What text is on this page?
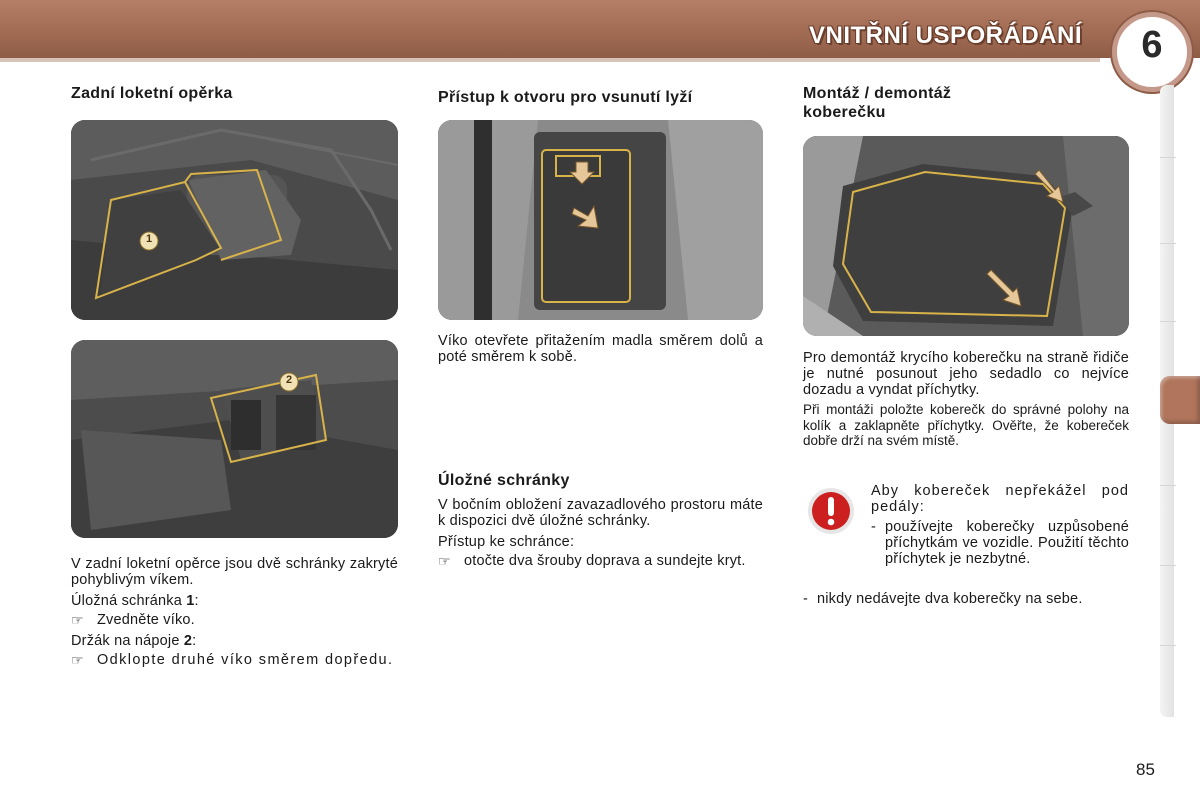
VNITŘNÍ USPOŘÁDÁNÍ	6
Zadní loketní opěrka
1
2

V zadní loketní opěrce jsou dvě schránky zakryté pohyblivým víkem.

Úložná schránka 1:

☞ Zvedněte víko.

Držák na nápoje 2:

☞ Odklopte druhé víko směrem dopředu.

Přístup k otvoru pro vsunutí lyží

Víko otevřete přitažením madla směrem dolů a poté směrem k sobě.

Úložné schránky

V bočním obložení zavazadlového prostoru máte k dispozici dvě úložné schránky.

Přístup ke schránce:

☞ otočte dva šrouby doprava a sundejte kryt.

Montáž / demontáž koberečku

Pro demontáž krycího koberečku na straně řidiče je nutné posunout jeho sedadlo co nejvíce dozadu a vyndat příchytky.

Při montáži položte koberečk do správné polohy na kolík a zaklapněte příchytky. Ověřte, že kobereček dobře drží na svém místě.

Aby kobereček nepřekážel pod pedály:

- používejte koberečky uzpůsobené příchytkám ve vozidle. Použití těchto příchytek je nezbytné.

- nikdy nedávejte dva koberečky na sebe.

85
